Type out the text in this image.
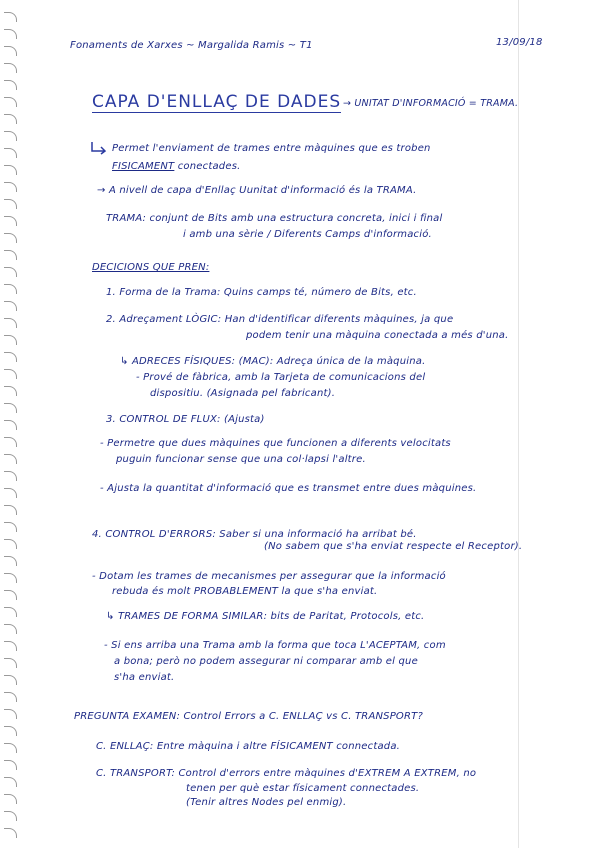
Fonaments de Xarxes ~ Margalida Ramis ~ T1	13/09/18
CAPA D'ENLLAÇ DE DADES → UNITAT D'INFORMACIÓ = TRAMA.
Permet l'enviament de trames entre màquines que es troben
FISICAMENT conectades.
→ A nivell de capa d'Enllaç Uunitat d'informació és la TRAMA.
TRAMA: conjunt de Bits amb una estructura concreta, inici i final
i amb una sèrie / Diferents Camps d'informació.
DECICIONS QUE PREN:
1. Forma de la Trama: Quins camps té, número de Bits, etc.
2. Adreçament LÒGIC: Han d'identificar diferents màquines, ja que
podem tenir una màquina conectada a més d'una.
↳ ADRECES FÍSIQUES: (MAC): Adreça única de la màquina.
- Prové de fàbrica, amb la Tarjeta de comunicacions del
dispositiu. (Asignada pel fabricant).
3. CONTROL DE FLUX: (Ajusta)
- Permetre que dues màquines que funcionen a diferents velocitats
puguin funcionar sense que una col·lapsi l'altre.
- Ajusta la quantitat d'informació que es transmet entre dues màquines.
4. CONTROL D'ERRORS: Saber si una informació ha arribat bé.
(No sabem que s'ha enviat respecte el Receptor).
- Dotam les trames de mecanismes per assegurar que la informació
rebuda és molt PROBABLEMENT la que s'ha enviat.
↳ TRAMES DE FORMA SIMILAR: bits de Paritat, Protocols, etc.
- Si ens arriba una Trama amb la forma que toca L'ACEPTAM, com
a bona; però no podem assegurar ni comparar amb el que
s'ha enviat.
PREGUNTA EXAMEN: Control Errors a C. ENLLAÇ vs C. TRANSPORT?
C. ENLLAÇ: Entre màquina i altre FÍSICAMENT connectada.
C. TRANSPORT: Control d'errors entre màquines d'EXTREM A EXTREM, no
tenen per què estar físicament connectades.
(Tenir altres Nodes pel enmig).
